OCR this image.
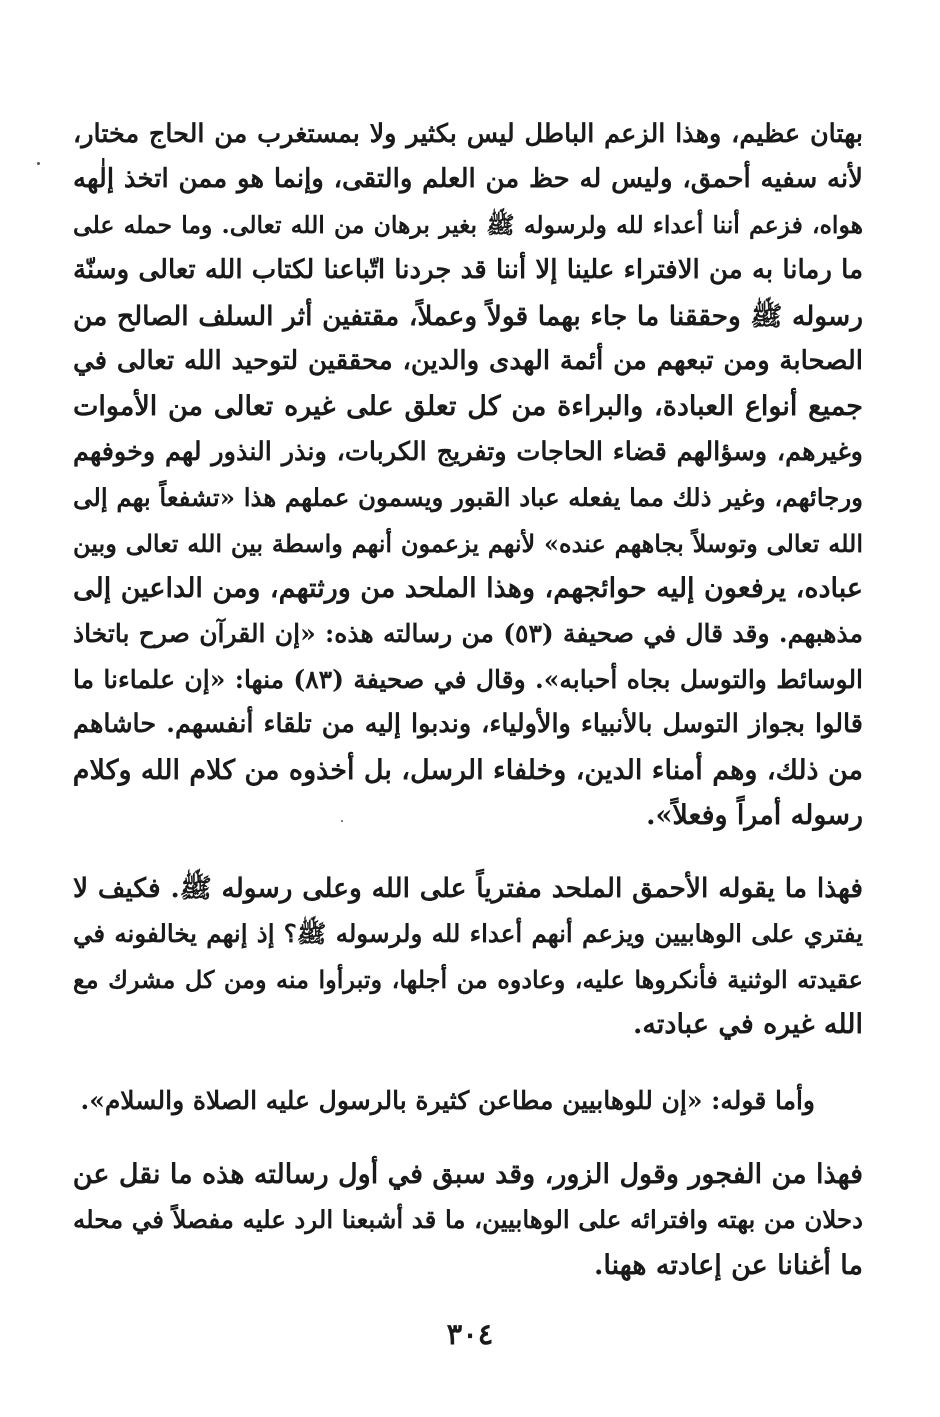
بهتان عظيم، وهذا الزعم الباطل ليس بكثير ولا بمستغرب من الحاج مختار،
لأنه سفيه أحمق، وليس له حظ من العلم والتقى، وإنما هو ممن اتخذ إلٰهه
هواه، فزعم أننا أعداء لله ولرسوله ﷺ بغير برهان من الله تعالى. وما حمله على
ما رمانا به من الافتراء علينا إلا أننا قد جردنا اتّباعنا لكتاب الله تعالى وسنّة
رسوله ﷺ وحققنا ما جاء بهما قولاً وعملاً، مقتفين أثر السلف الصالح من
الصحابة ومن تبعهم من أئمة الهدى والدين، محققين لتوحيد الله تعالى في
جميع أنواع العبادة، والبراءة من كل تعلق على غيره تعالى من الأموات
وغيرهم، وسؤالهم قضاء الحاجات وتفريج الكربات، ونذر النذور لهم وخوفهم
ورجائهم، وغير ذلك مما يفعله عباد القبور ويسمون عملهم هذا «تشفعاً بهم إلى
الله تعالى وتوسلاً بجاههم عنده» لأنهم يزعمون أنهم واسطة بين الله تعالى وبين
عباده، يرفعون إليه حوائجهم، وهذا الملحد من ورثتهم، ومن الداعين إلى
مذهبهم. وقد قال في صحيفة (٥٣) من رسالته هذه: «إن القرآن صرح باتخاذ
الوسائط والتوسل بجاه أحبابه». وقال في صحيفة (٨٣) منها: «إن علماءنا ما
قالوا بجواز التوسل بالأنبياء والأولياء، وندبوا إليه من تلقاء أنفسهم. حاشاهم
من ذلك، وهم أمناء الدين، وخلفاء الرسل، بل أخذوه من كلام الله وكلام
رسوله أمراً وفعلاً».
فهذا ما يقوله الأحمق الملحد مفترياً على الله وعلى رسوله ﷺ. فكيف لا
يفتري على الوهابيين ويزعم أنهم أعداء لله ولرسوله ﷺ؟ إذ إنهم يخالفونه في
عقيدته الوثنية فأنكروها عليه، وعادوه من أجلها، وتبرأوا منه ومن كل مشرك مع
الله غيره في عبادته.
وأما قوله: «إن للوهابيين مطاعن كثيرة بالرسول عليه الصلاة والسلام».
فهذا من الفجور وقول الزور، وقد سبق في أول رسالته هذه ما نقل عن
دحلان من بهته وافترائه على الوهابيين، ما قد أشبعنا الرد عليه مفصلاً في محله
ما أغنانا عن إعادته ههنا.
٣٠٤
